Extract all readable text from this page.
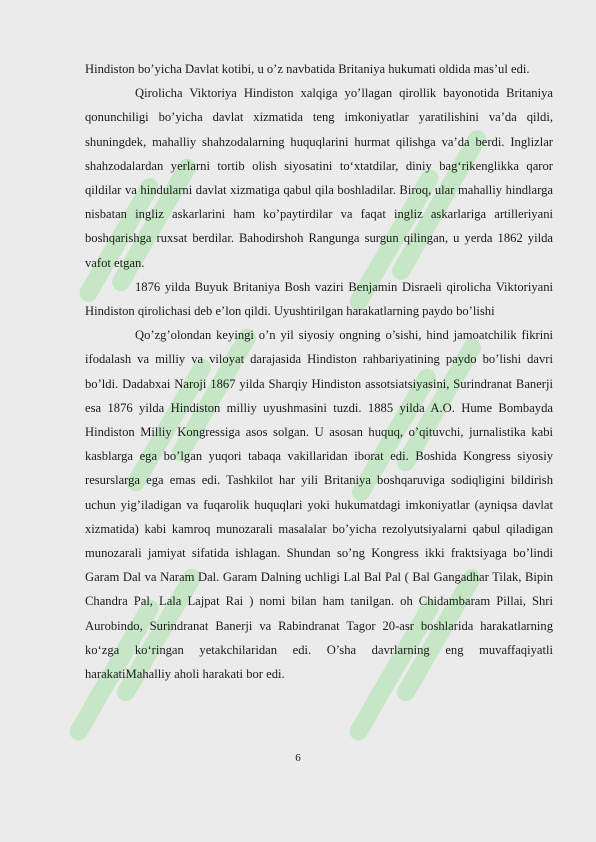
Hindiston bo’yicha Davlat kotibi, u o’z navbatida Britaniya hukumati oldida mas’ul edi.

Qirolicha Viktoriya Hindiston xalqiga yo’llagan qirollik bayonotida Britaniya qonunchiligi bo’yicha davlat xizmatida teng imkoniyatlar yaratilishini va’da qildi, shuningdek, mahalliy shahzodalarning huquqlarini hurmat qilishga va’da berdi. Inglizlar shahzodalardan yerlarni tortib olish siyosatini to‘xtatdilar, diniy bag‘rikenglikka qaror qildilar va hindularni davlat xizmatiga qabul qila boshladilar. Biroq, ular mahalliy hindlarga nisbatan ingliz askarlarini ham ko’paytirdilar va faqat ingliz askarlariga artilleriyani boshqarishga ruxsat berdilar. Bahodirshoh Rangunga surgun qilingan, u yerda 1862 yilda vafot etgan.

1876 yilda Buyuk Britaniya Bosh vaziri Benjamin Disraeli qirolicha Viktoriyani Hindiston qirolichasi deb e’lon qildi. Uyushtirilgan harakatlarning paydo bo’lishi

Qo’zg’olondan keyingi o’n yil siyosiy ongning o’sishi, hind jamoatchilik fikrini ifodalash va milliy va viloyat darajasida Hindiston rahbariyatining paydo bo’lishi davri bo’ldi. Dadabxai Naroji 1867 yilda Sharqiy Hindiston assotsiatsiyasini, Surindranat Banerji esa 1876 yilda Hindiston milliy uyushmasini tuzdi. 1885 yilda A.O. Hume Bombayda Hindiston Milliy Kongressiga asos solgan. U asosan huquq, o’qituvchi, jurnalistika kabi kasblarga ega bo’lgan yuqori tabaqa vakillaridan iborat edi. Boshida Kongress siyosiy resurslarga ega emas edi. Tashkilot har yili Britaniya boshqaruviga sodiqligini bildirish uchun yig’iladigan va fuqarolik huquqlari yoki hukumatdagi imkoniyatlar (ayniqsa davlat xizmatida) kabi kamroq munozarali masalalar bo’yicha rezolyutsiyalarni qabul qiladigan munozarali jamiyat sifatida ishlagan. Shundan so’ng Kongress ikki fraktsiyaga bo’lindi Garam Dal va Naram Dal. Garam Dalning uchligi Lal Bal Pal ( Bal Gangadhar Tilak, Bipin Chandra Pal, Lala Lajpat Rai ) nomi bilan ham tanilgan. oh Chidambaram Pillai, Shri Aurobindo, Surindranat Banerji va Rabindranat Tagor 20-asr boshlarida harakatlarning ko‘zga ko‘ringan yetakchilaridan edi. O’sha davrlarning eng muvaffaqiyatli harakatiMahalliy aholi harakati bor edi.

6
